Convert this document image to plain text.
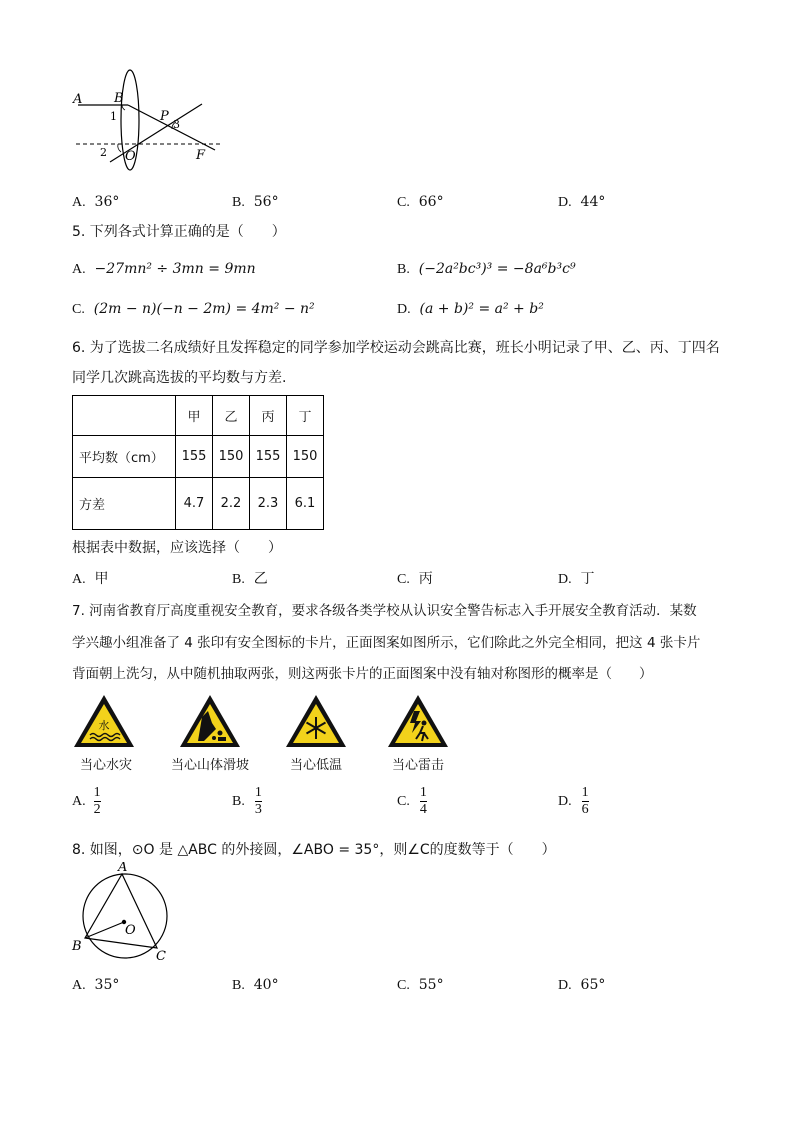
A B
1	P
3
2 O	F
A. 36°	B. 56°	C. 66°	D. 44°
5. 下列各式计算正确的是（　　）
A. −27mn² ÷ 3mn = 9mn	B. (−2a²bc³)³ = −8a⁶b³c⁹
C. (2m − n)(−n − 2m) = 4m² − n²	D. (a + b)² = a² + b²
6. 为了选拔二名成绩好且发挥稳定的同学参加学校运动会跳高比赛，班长小明记录了甲、乙、丙、丁四名
同学几次跳高选拔的平均数与方差.
	甲	乙	丙	丁
平均数（cm）	155	150	155	150
方差	4.7	2.2	2.3	6.1
根据表中数据，应该选择（　　）
A. 甲	B. 乙	C. 丙	D. 丁
7. 河南省教育厅高度重视安全教育，要求各级各类学校从认识安全警告标志入手开展安全教育活动．某数
学兴趣小组准备了 4 张印有安全图标的卡片，正面图案如图所示，它们除此之外完全相同，把这 4 张卡片
背面朝上洗匀，从中随机抽取两张，则这两张卡片的正面图案中没有轴对称图形的概率是（　　）
水
当心水灾	当心山体滑坡	当心低温	当心雷击
A. $\frac{1}{2}$	B. $\frac{1}{3}$	C. $\frac{1}{4}$	D. $\frac{1}{6}$
8. 如图，⊙O 是 △ABC 的外接圆，∠ABO = 35°，则∠C的度数等于（　　）
A
O
B
C
A. 35°	B. 40°	C. 55°	D. 65°
